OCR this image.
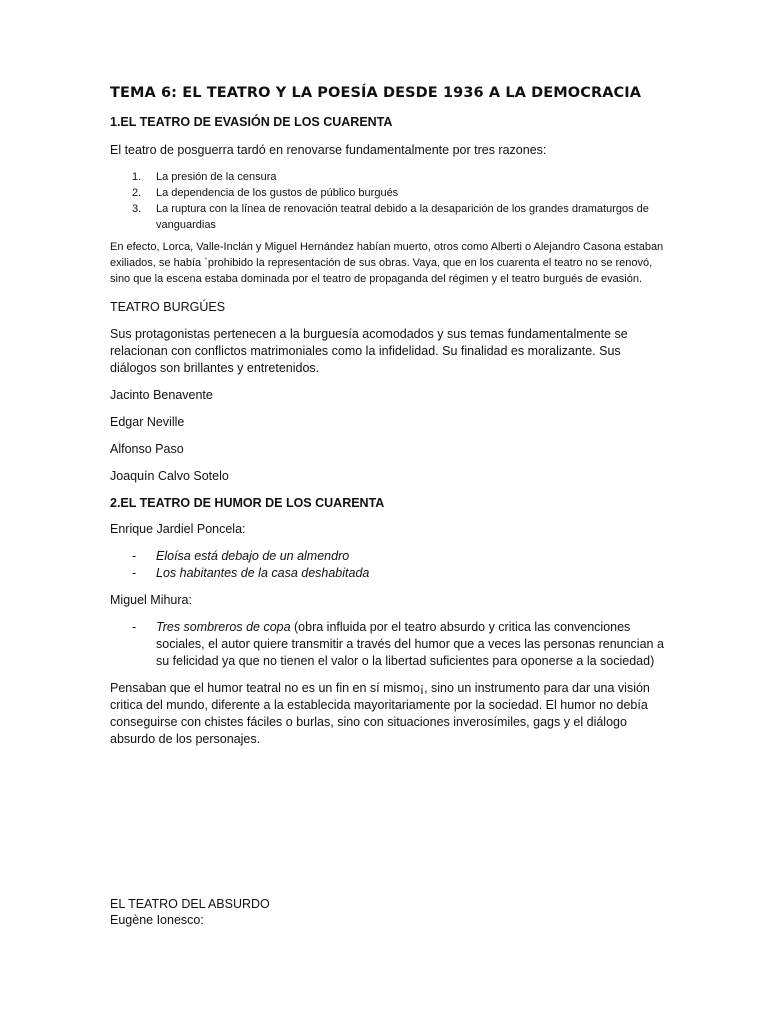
TEMA 6: EL TEATRO Y LA POESÍA DESDE 1936 A LA DEMOCRACIA
1.EL TEATRO DE EVASIÓN DE LOS CUARENTA
El teatro de posguerra tardó en renovarse fundamentalmente por tres razones:
1. La presión de la censura
2. La dependencia de los gustos de público burgués
3. La ruptura con la línea de renovación teatral debido a la desaparición de los grandes dramaturgos de vanguardias
En efecto, Lorca, Valle-Inclán y Miguel Hernández habían muerto, otros como Alberti o Alejandro Casona estaban exiliados, se había `prohibido la representación de sus obras. Vaya, que en los cuarenta el teatro no se renovó, sino que la escena estaba dominada por el teatro de propaganda del régimen y el teatro burgués de evasión.
TEATRO BURGÚES
Sus protagonistas pertenecen a la burguesía acomodados y sus temas fundamentalmente se relacionan con conflictos matrimoniales como la infidelidad. Su finalidad es moralizante. Sus diálogos son brillantes y entretenidos.
Jacinto Benavente
Edgar Neville
Alfonso Paso
Joaquín Calvo Sotelo
2.EL TEATRO DE HUMOR DE LOS CUARENTA
Enrique Jardiel Poncela:
- Eloísa está debajo de un almendro
- Los habitantes de la casa deshabitada
Miguel Mihura:
- Tres sombreros de copa (obra influida por el teatro absurdo y critica las convenciones sociales, el autor quiere transmitir a través del humor que a veces las personas renuncian a su felicidad ya que no tienen el valor o la libertad suficientes para oponerse a la sociedad)
Pensaban que el humor teatral no es un fin en sí mismo¡, sino un instrumento para dar una visión critica del mundo, diferente a la establecida mayoritariamente por la sociedad. El humor no debía conseguirse con chistes fáciles o burlas, sino con situaciones inverosímiles, gags y el diálogo absurdo de los personajes.
EL TEATRO DEL ABSURDO
Eugène Ionesco:
